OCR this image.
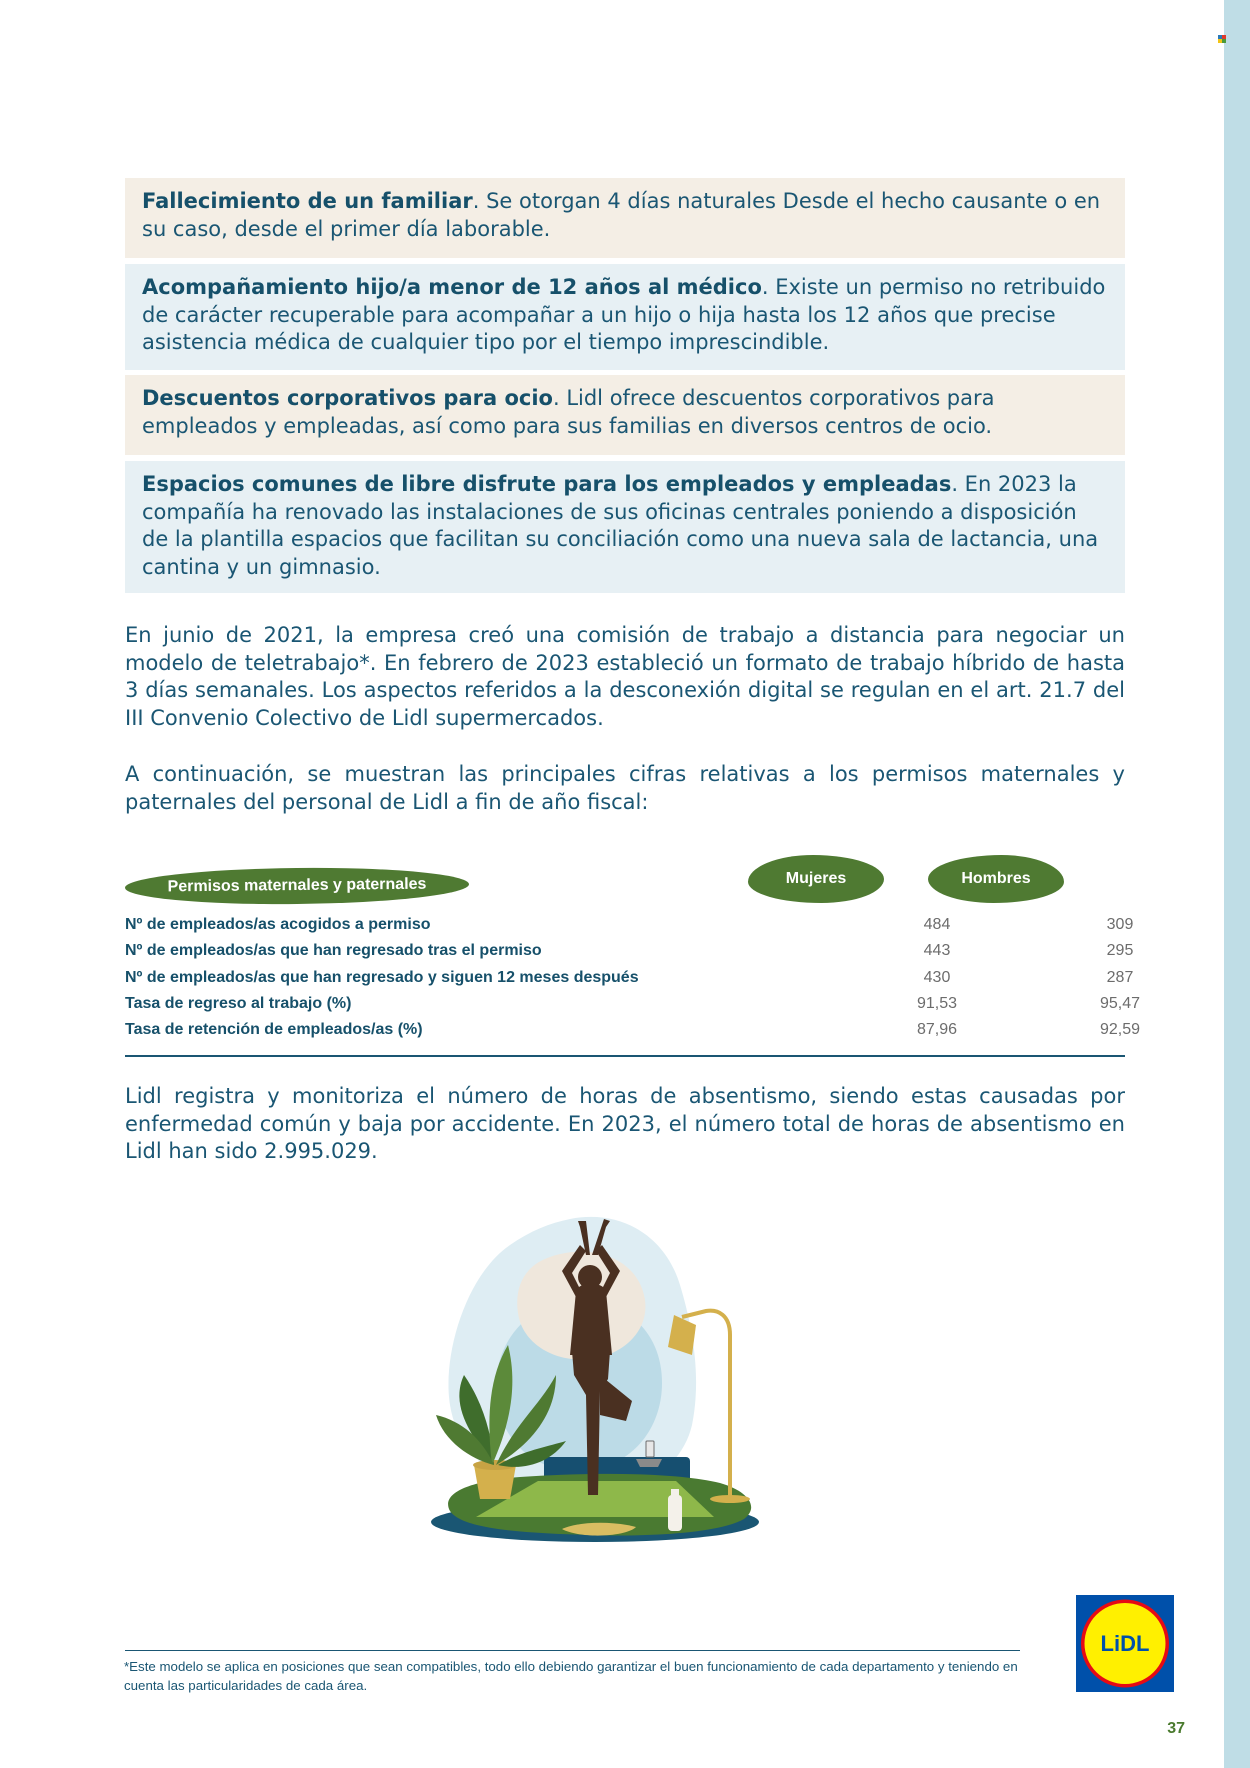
Fallecimiento de un familiar. Se otorgan 4 días naturales Desde el hecho causante o en su caso, desde el primer día laborable.
Acompañamiento hijo/a menor de 12 años al médico. Existe un permiso no retribuido de carácter recuperable para acompañar a un hijo o hija hasta los 12 años que precise asistencia médica de cualquier tipo por el tiempo imprescindible.
Descuentos corporativos para ocio. Lidl ofrece descuentos corporativos para empleados y empleadas, así como para sus familias en diversos centros de ocio.
Espacios comunes de libre disfrute para los empleados y empleadas. En 2023 la compañía ha renovado las instalaciones de sus oficinas centrales poniendo a disposición de la plantilla espacios que facilitan su conciliación como una nueva sala de lactancia, una cantina y un gimnasio.

En junio de 2021, la empresa creó una comisión de trabajo a distancia para negociar un modelo de teletrabajo*. En febrero de 2023 estableció un formato de trabajo híbrido de hasta 3 días semanales. Los aspectos referidos a la desconexión digital se regulan en el art. 21.7 del III Convenio Colectivo de Lidl supermercados.

A continuación, se muestran las principales cifras relativas a los permisos maternales y paternales del personal de Lidl a fin de año fiscal:

Permisos maternales y paternales	Mujeres	Hombres
Nº de empleados/as acogidos a permiso	484	309
Nº de empleados/as que han regresado tras el permiso	443	295
Nº de empleados/as que han regresado y siguen 12 meses después	430	287
Tasa de regreso al trabajo (%)	91,53	95,47
Tasa de retención de empleados/as (%)	87,96	92,59

Lidl registra y monitoriza el número de horas de absentismo, siendo estas causadas por enfermedad común y baja por accidente. En 2023, el número total de horas de absentismo en Lidl han sido 2.995.029.

*Este modelo se aplica en posiciones que sean compatibles, todo ello debiendo garantizar el buen funcionamiento de cada departamento y teniendo en cuenta las particularidades de cada área.
LiDL
37
